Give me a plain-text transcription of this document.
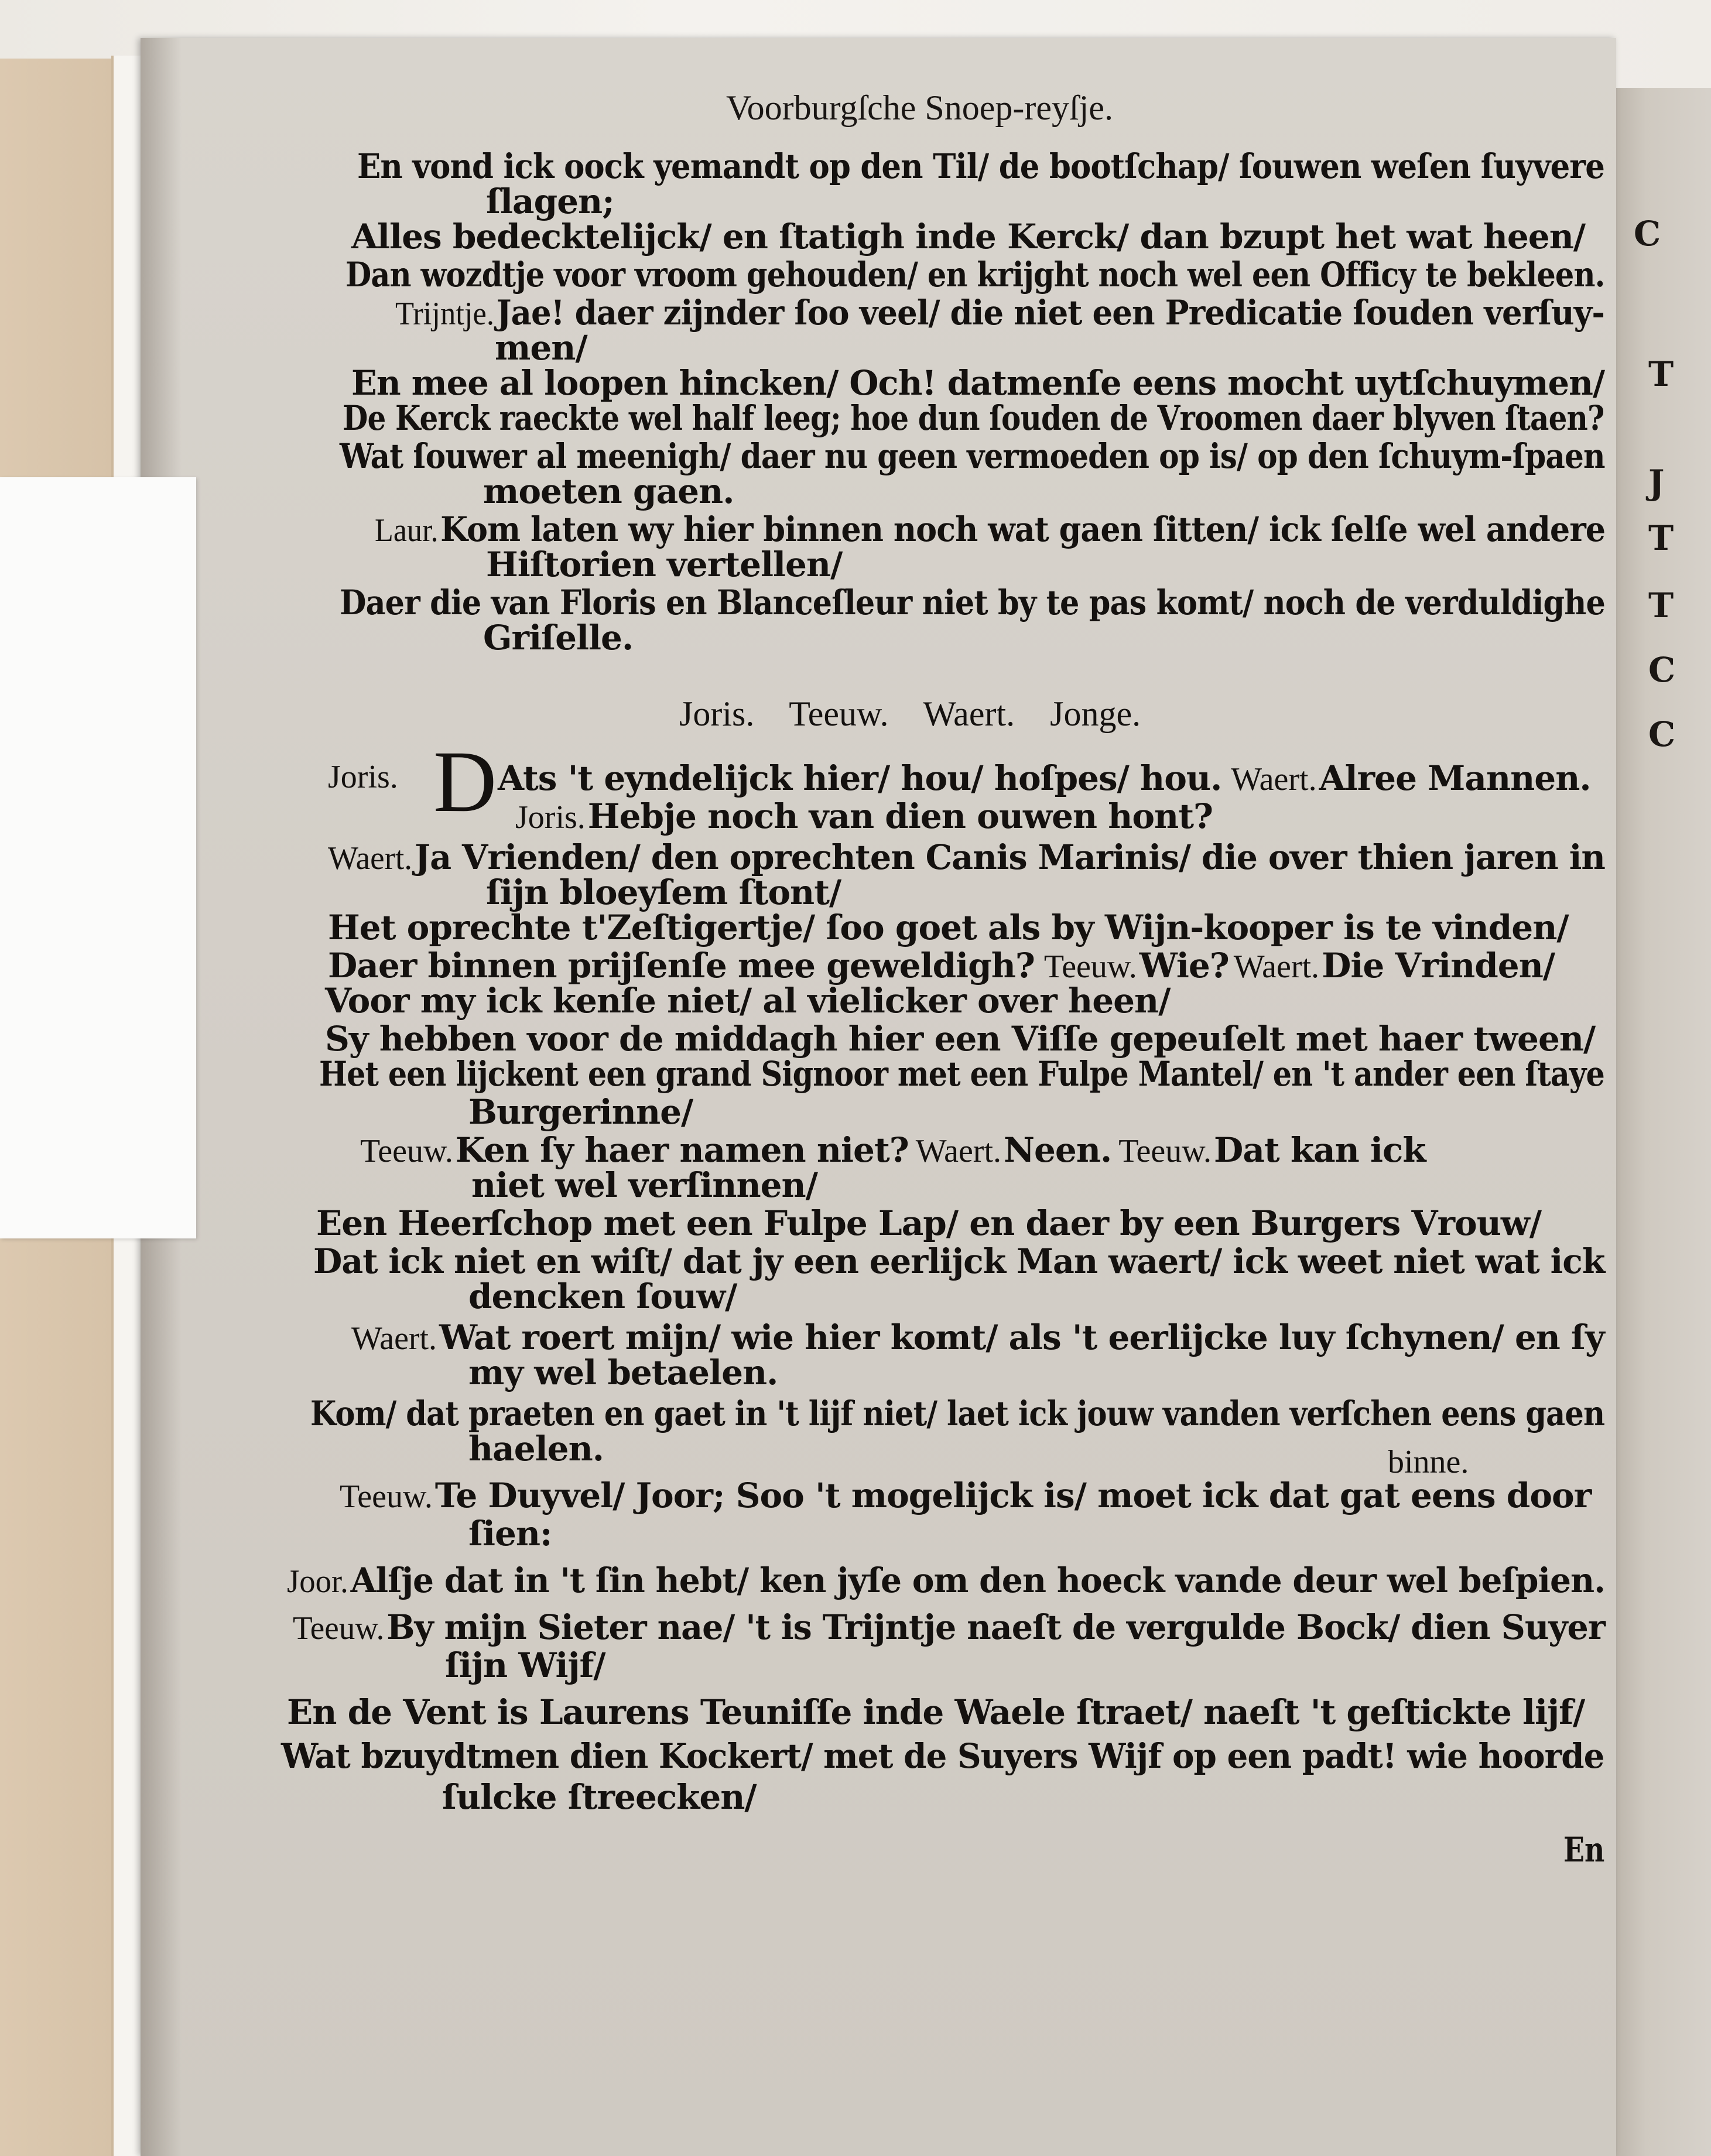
C
T
J
T
T
C
C
Voorburgſche Snoep-reyſje.
En vond ick oock yemandt op den Til/ de bootſchap/ ſouwen weſen ſuyvere
ſlagen;
Alles bedecktelijck/ en ſtatigh inde Kerck/ dan bzupt het wat heen/
Dan wozdtje voor vroom gehouden/ en krijght noch wel een Officy te bekleen.
Trijntje. Jae! daer zijnder ſoo veel/ die niet een Predicatie ſouden verſuy-
men/
En mee al loopen hincken/ Och! datmenſe eens mocht uytſchuymen/
De Kerck raeckte wel half leeg; hoe dun ſouden de Vroomen daer blyven ſtaen?
Wat ſouwer al meenigh/ daer nu geen vermoeden op is/ op den ſchuym-ſpaen
moeten gaen.
Laur. Kom laten wy hier binnen noch wat gaen ſitten/ ick ſelſe wel andere
Hiſtorien vertellen/
Daer die van Floris en Blanceſleur niet by te pas komt/ noch de verduldighe
Griſelle.
Joris. Teeuw. Waert. Jonge.
Joris. D Ats 't eyndelijck hier/ hou/ hoſpes/ hou. Waert. Alree Mannen.
Joris. Hebje noch van dien ouwen hont?
Waert. Ja Vrienden/ den oprechten Canis Marinis/ die over thien jaren in
ſijn bloeyſem ſtont/
Het oprechte t'Zeſtigertje/ ſoo goet als by Wijn-kooper is te vinden/
Daer binnen prijſenſe mee geweldigh? Teeuw. Wie? Waert. Die Vrinden/
Voor my ick kenſe niet/ al vielicker over heen/
Sy hebben voor de middagh hier een Viſſe gepeuſelt met haer tween/
Het een lijckent een grand Signoor met een Fulpe Mantel/ en 't ander een ſtaye
Burgerinne/
Teeuw. Ken ſy haer namen niet? Waert. Neen. Teeuw. Dat kan ick
niet wel verſinnen/
Een Heerſchop met een Fulpe Lap/ en daer by een Burgers Vrouw/
Dat ick niet en wiſt/ dat jy een eerlijck Man waert/ ick weet niet wat ick
dencken ſouw/
Waert. Wat roert mijn/ wie hier komt/ als 't eerlijcke luy ſchynen/ en ſy
my wel betaelen.
Kom/ dat praeten en gaet in 't lijf niet/ laet ick jouw vanden verſchen eens gaen
haelen.	binne.
Teeuw. Te Duyvel/ Joor; Soo 't mogelijck is/ moet ick dat gat eens door
ſien:
Joor. Alſje dat in 't ſin hebt/ ken jyſe om den hoeck vande deur wel beſpien.
Teeuw. By mijn Sieter nae/ 't is Trijntje naeſt de vergulde Bock/ dien Suyer
ſijn Wijf/
En de Vent is Laurens Teuniſſe inde Waele ſtraet/ naeſt 't geſtickte lijf/
Wat bzuydtmen dien Kockert/ met de Suyers Wijf op een padt! wie hoorde
ſulcke ſtreecken/
En
